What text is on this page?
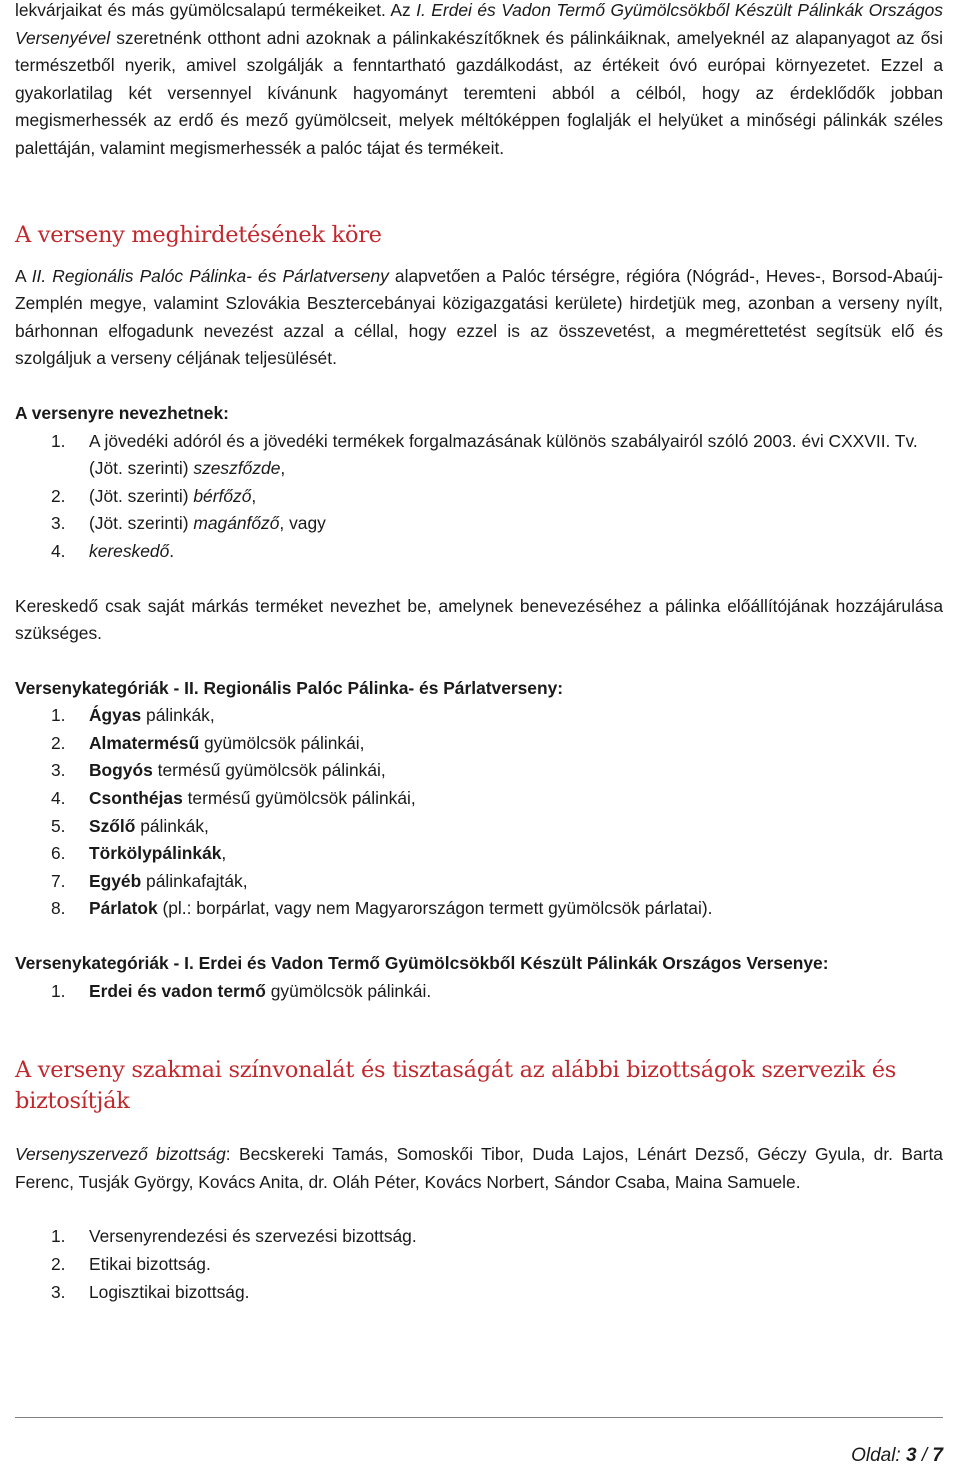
lekvárjaikat és más gyümölcsalapú termékeiket. Az I. Erdei és Vadon Termő Gyümölcsökből Készült Pálinkák Országos Versenyével szeretnénk otthont adni azoknak a pálinkakészítőknek és pálinkáiknak, amelyeknél az alapanyagot az ősi természetből nyerik, amivel szolgálják a fenntartható gazdálkodást, az értékeit óvó európai környezetet. Ezzel a gyakorlatilag két versennyel kívánunk hagyományt teremteni abból a célból, hogy az érdeklődők jobban megismerhessék az erdő és mező gyümölcseit, melyek méltóképpen foglalják el helyüket a minőségi pálinkák széles palettáján, valamint megismerhessék a palóc tájat és termékeit.

A verseny meghirdetésének köre

A II. Regionális Palóc Pálinka- és Párlatverseny alapvetően a Palóc térségre, régióra (Nógrád-, Heves-, Borsod-Abaúj-Zemplén megye, valamint Szlovákia Besztercebányai közigazgatási kerülete) hirdetjük meg, azonban a verseny nyílt, bárhonnan elfogadunk nevezést azzal a céllal, hogy ezzel is az összevetést, a megmérettetést segítsük elő és szolgáljuk a verseny céljának teljesülését.

A versenyre nevezhetnek:

1. A jövedéki adóról és a jövedéki termékek forgalmazásának különös szabályairól szóló 2003. évi CXXVII. Tv. (Jöt. szerinti) szeszfőzde,
2. (Jöt. szerinti) bérfőző,
3. (Jöt. szerinti) magánfőző, vagy
4. kereskedő.

Kereskedő csak saját márkás terméket nevezhet be, amelynek benevezéséhez a pálinka előállítójának hozzájárulása szükséges.

Versenykategóriák - II. Regionális Palóc Pálinka- és Párlatverseny:

1. Ágyas pálinkák,
2. Almatermésű gyümölcsök pálinkái,
3. Bogyós termésű gyümölcsök pálinkái,
4. Csonthéjas termésű gyümölcsök pálinkái,
5. Szőlő pálinkák,
6. Törkölypálinkák,
7. Egyéb pálinkafajták,
8. Párlatok (pl.: borpárlat, vagy nem Magyarországon termett gyümölcsök párlatai).

Versenykategóriák - I. Erdei és Vadon Termő Gyümölcsökből Készült Pálinkák Országos Versenye:

1. Erdei és vadon termő gyümölcsök pálinkái.
A verseny szakmai színvonalát és tisztaságát az alábbi bizottságok szervezik és biztosítják

Versenyszervező bizottság: Becskereki Tamás, Somoskői Tibor, Duda Lajos, Lénárt Dezső, Géczy Gyula, dr. Barta Ferenc, Tusják György, Kovács Anita, dr. Oláh Péter, Kovács Norbert, Sándor Csaba, Maina Samuele.

1. Versenyrendezési és szervezési bizottság.
2. Etikai bizottság.
3. Logisztikai bizottság.
Oldal: 3 / 7
